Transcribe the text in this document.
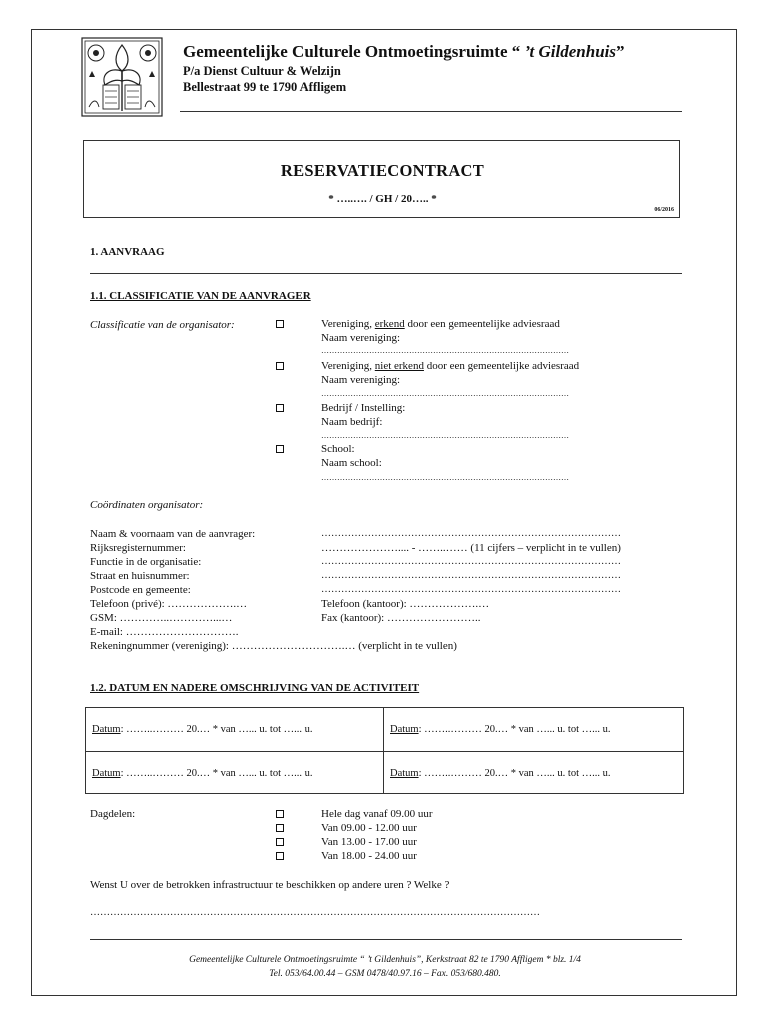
Gemeentelijke Culturele Ontmoetingsruimte “ ’t Gildenhuis”
P/a Dienst Cultuur & Welzijn
Bellestraat 99 te 1790 Affligem
RESERVATIECONTRACT
* …..…. / GH / 20….. *
06/2016
1. AANVRAAG
1.1. CLASSIFICATIE VAN DE AANVRAGER
Classificatie van de organisator:	Vereniging, erkend door een gemeentelijke adviesraad
Naam vereniging:
…………………………………………………………………………………
Vereniging, niet erkend door een gemeentelijke adviesraad
Naam vereniging:
…………………………………………………………………………………
Bedrijf / Instelling:
Naam bedrijf:
…………………………………………………………………………………
School:
Naam school:
…………………………………………………………………………………
Coördinaten organisator:
Naam & voornaam van de aanvrager:	………………………………………………………………………………
Rijksregisternummer:	………………….... - ……..…… (11 cijfers – verplicht in te vullen)
Functie in de organisatie:	………………………………………………………………………………
Straat en huisnummer:	………………………………………………………………………………
Postcode en gemeente:	………………………………………………………………………………
Telefoon (privé): ……………….…	Telefoon (kantoor): ……………….…
GSM: …………..…………...…	Fax (kantoor): ……………………..
E-mail: ………………………….
Rekeningnummer (vereniging): ………………………….… (verplicht in te vullen)
1.2. DATUM EN NADERE OMSCHRIJVING VAN DE ACTIVITEIT
Datum: ……..……… 20.… * van …... u. tot …... u.	Datum: ……..……… 20.… * van …... u. tot …... u.
Datum: ……..……… 20.… * van …... u. tot …... u.	Datum: ……..……… 20.… * van …... u. tot …... u.
Dagdelen:	Hele dag vanaf 09.00 uur
Van 09.00 - 12.00 uur
Van 13.00 - 17.00 uur
Van 18.00 - 24.00 uur
Wenst U over de betrokken infrastructuur te beschikken op andere uren ? Welke ?
………………………………………………………………………………………………………………………
Gemeentelijke Culturele Ontmoetingsruimte “ ’t Gildenhuis”, Kerkstraat 82 te 1790 Affligem * blz. 1/4
Tel. 053/64.00.44 – GSM 0478/40.97.16 – Fax. 053/680.480.
